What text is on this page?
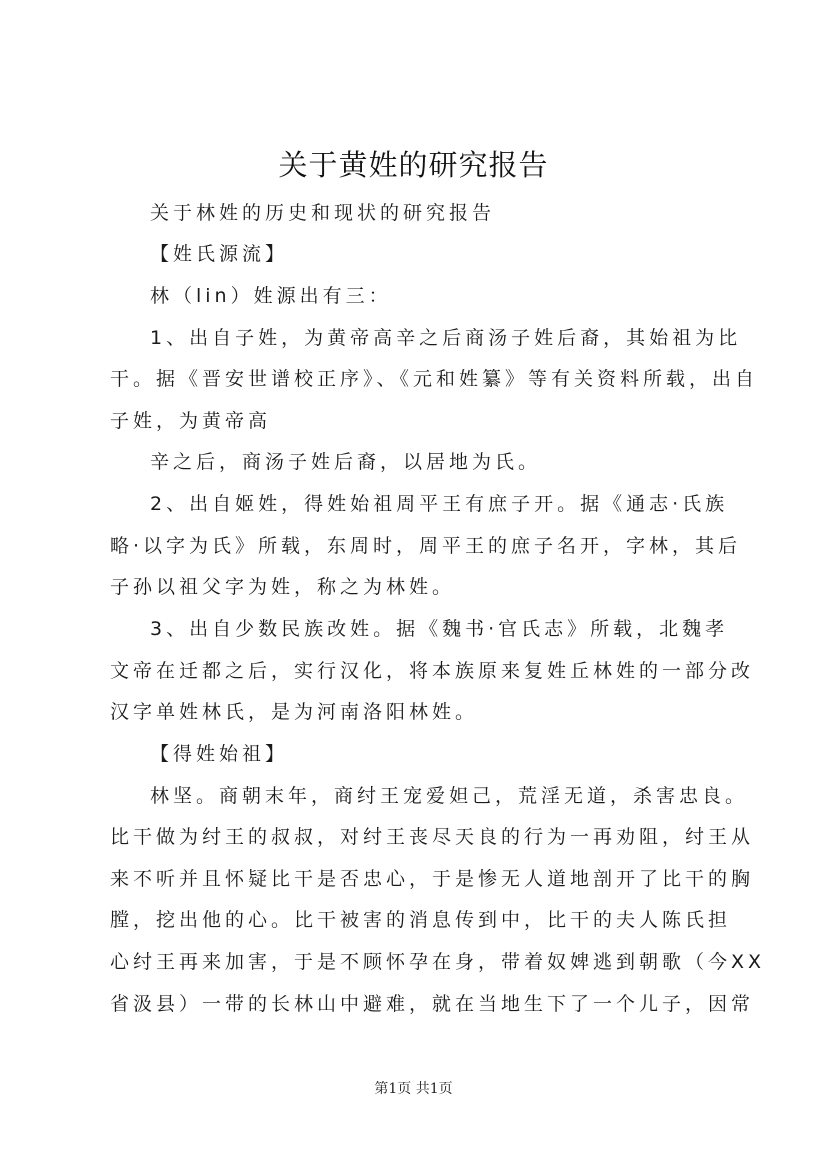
关于黄姓的研究报告
关于林姓的历史和现状的研究报告
【姓氏源流】
林（lin）姓源出有三：
1、出自子姓，为黄帝高辛之后商汤子姓后裔，其始祖为比
干。据《晋安世谱校正序》、《元和姓纂》等有关资料所载，出自
子姓，为黄帝高
辛之后，商汤子姓后裔，以居地为氏。
2、出自姬姓，得姓始祖周平王有庶子开。据《通志·氏族
略·以字为氏》所载，东周时，周平王的庶子名开，字林，其后
子孙以祖父字为姓，称之为林姓。
3、出自少数民族改姓。据《魏书·官氏志》所载，北魏孝
文帝在迁都之后，实行汉化，将本族原来复姓丘林姓的一部分改
汉字单姓林氏，是为河南洛阳林姓。
【得姓始祖】
林坚。商朝末年，商纣王宠爱妲己，荒淫无道，杀害忠良。
比干做为纣王的叔叔，对纣王丧尽天良的行为一再劝阻，纣王从
来不听并且怀疑比干是否忠心，于是惨无人道地剖开了比干的胸
膛，挖出他的心。比干被害的消息传到中，比干的夫人陈氏担
心纣王再来加害，于是不顾怀孕在身，带着奴婢逃到朝歌（今XX
省汲县）一带的长林山中避难，就在当地生下了一个儿子，因常
第1页 共1页
